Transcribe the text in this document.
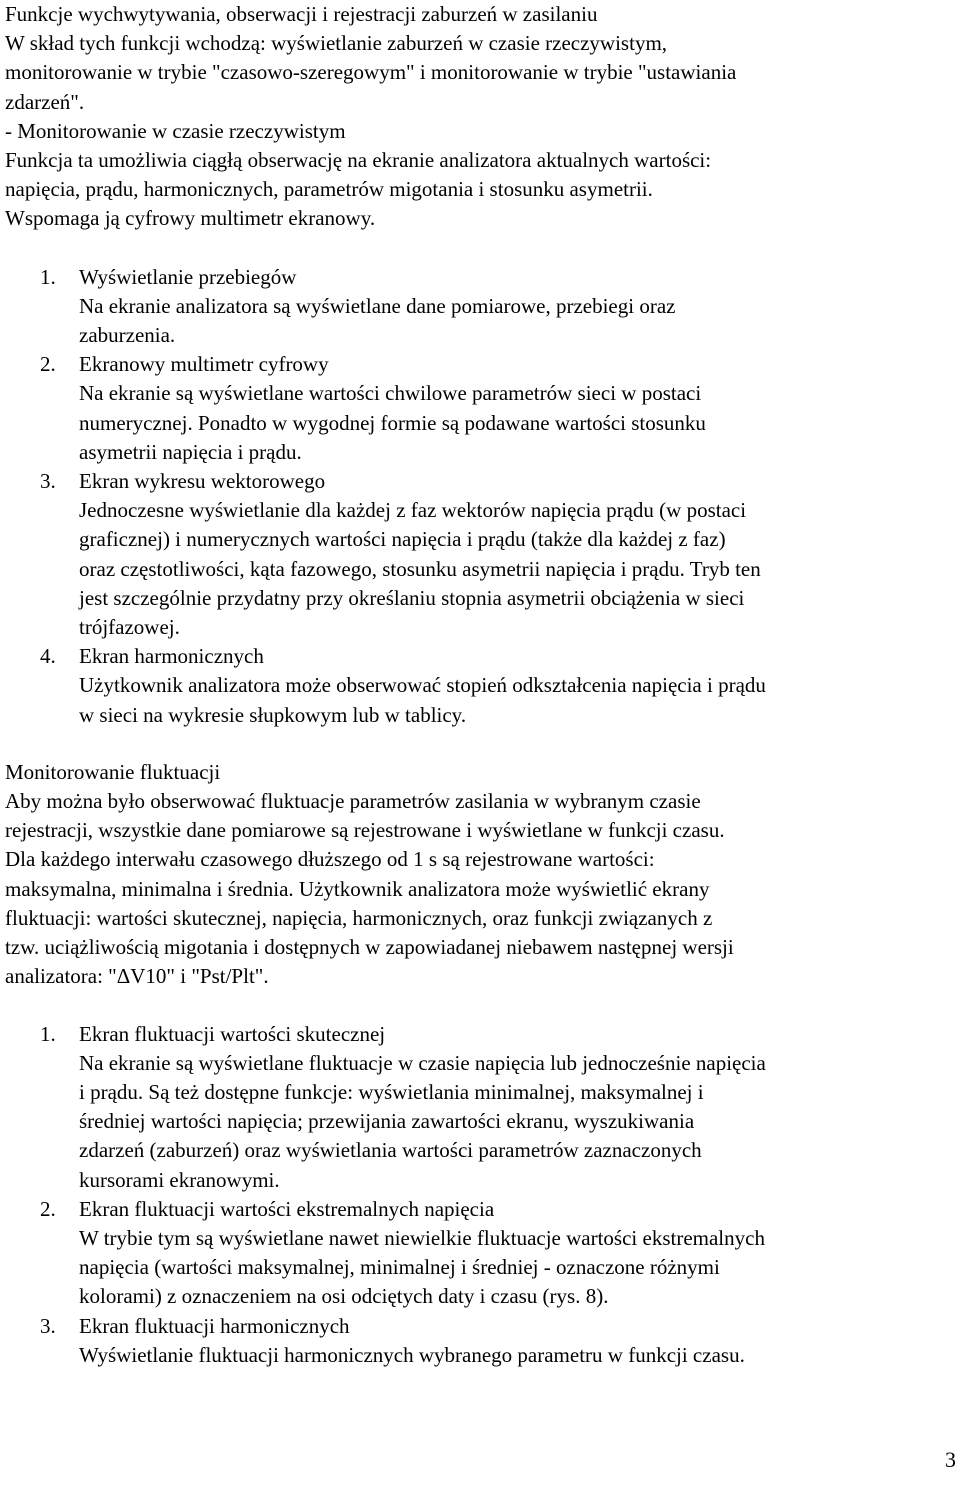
Funkcje wychwytywania, obserwacji i rejestracji zaburzeń w zasilaniu
W skład tych funkcji wchodzą: wyświetlanie zaburzeń w czasie rzeczywistym,
monitorowanie w trybie "czasowo-szeregowym" i monitorowanie w trybie "ustawiania
zdarzeń".
- Monitorowanie w czasie rzeczywistym
Funkcja ta umożliwia ciągłą obserwację na ekranie analizatora aktualnych wartości:
napięcia, prądu, harmonicznych, parametrów migotania i stosunku asymetrii.
Wspomaga ją cyfrowy multimetr ekranowy.
1. Wyświetlanie przebiegów
Na ekranie analizatora są wyświetlane dane pomiarowe, przebiegi oraz
zaburzenia.
2. Ekranowy multimetr cyfrowy
Na ekranie są wyświetlane wartości chwilowe parametrów sieci w postaci
numerycznej. Ponadto w wygodnej formie są podawane wartości stosunku
asymetrii napięcia i prądu.
3. Ekran wykresu wektorowego
Jednoczesne wyświetlanie dla każdej z faz wektorów napięcia prądu (w postaci
graficznej) i numerycznych wartości napięcia i prądu (także dla każdej z faz)
oraz częstotliwości, kąta fazowego, stosunku asymetrii napięcia i prądu. Tryb ten
jest szczególnie przydatny przy określaniu stopnia asymetrii obciążenia w sieci
trójfazowej.
4. Ekran harmonicznych
Użytkownik analizatora może obserwować stopień odkształcenia napięcia i prądu
w sieci na wykresie słupkowym lub w tablicy.
Monitorowanie fluktuacji
Aby można było obserwować fluktuacje parametrów zasilania w wybranym czasie
rejestracji, wszystkie dane pomiarowe są rejestrowane i wyświetlane w funkcji czasu.
Dla każdego interwału czasowego dłuższego od 1 s są rejestrowane wartości:
maksymalna, minimalna i średnia. Użytkownik analizatora może wyświetlić ekrany
fluktuacji: wartości skutecznej, napięcia, harmonicznych, oraz funkcji związanych z
tzw. uciążliwością migotania i dostępnych w zapowiadanej niebawem następnej wersji
analizatora: "ΔV10" i "Pst/Plt".
1. Ekran fluktuacji wartości skutecznej
Na ekranie są wyświetlane fluktuacje w czasie napięcia lub jednocześnie napięcia
i prądu. Są też dostępne funkcje: wyświetlania minimalnej, maksymalnej i
średniej wartości napięcia; przewijania zawartości ekranu, wyszukiwania
zdarzeń (zaburzeń) oraz wyświetlania wartości parametrów zaznaczonych
kursorami ekranowymi.
2. Ekran fluktuacji wartości ekstremalnych napięcia
W trybie tym są wyświetlane nawet niewielkie fluktuacje wartości ekstremalnych
napięcia (wartości maksymalnej, minimalnej i średniej - oznaczone różnymi
kolorami) z oznaczeniem na osi odciętych daty i czasu (rys. 8).
3. Ekran fluktuacji harmonicznych
Wyświetlanie fluktuacji harmonicznych wybranego parametru w funkcji czasu.
3
